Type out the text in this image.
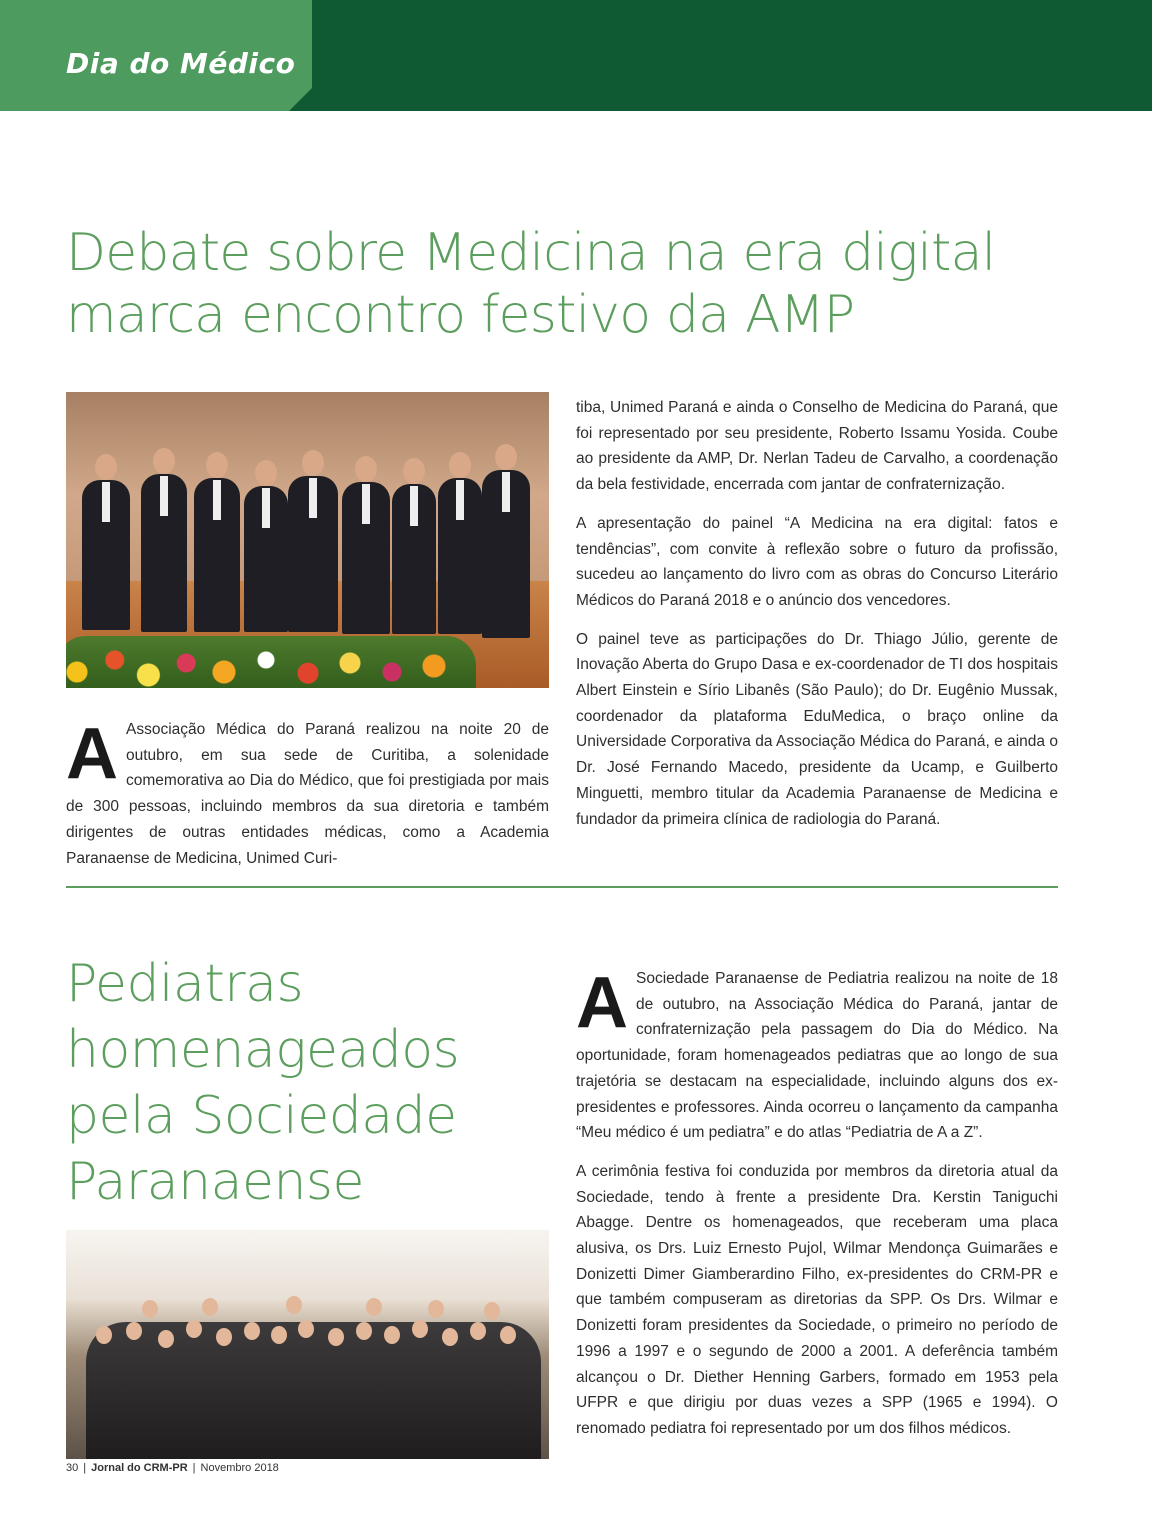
Dia do Médico
Debate sobre Medicina na era digital
marca encontro festivo da AMP

A Associação Médica do Paraná realizou na noite 20 de outubro, em sua sede de Curitiba, a solenidade comemorativa ao Dia do Médico, que foi prestigiada por mais de 300 pessoas, incluindo membros da sua diretoria e também dirigentes de outras entidades médicas, como a Academia Paranaense de Medicina, Unimed Curi-

tiba, Unimed Paraná e ainda o Conselho de Medicina do Paraná, que foi representado por seu presidente, Roberto Issamu Yosida. Coube ao presidente da AMP, Dr. Nerlan Tadeu de Carvalho, a coordenação da bela festividade, encerrada com jantar de confraternização.

A apresentação do painel “A Medicina na era digital: fatos e tendências”, com convite à reflexão sobre o futuro da profissão, sucedeu ao lançamento do livro com as obras do Concurso Literário Médicos do Paraná 2018 e o anúncio dos vencedores.

O painel teve as participações do Dr. Thiago Júlio, gerente de Inovação Aberta do Grupo Dasa e ex-coordenador de TI dos hospitais Albert Einstein e Sírio Libanês (São Paulo); do Dr. Eugênio Mussak, coordenador da plataforma EduMedica, o braço online da Universidade Corporativa da Associação Médica do Paraná, e ainda o Dr. José Fernando Macedo, presidente da Ucamp, e Guilberto Minguetti, membro titular da Academia Paranaense de Medicina e fundador da primeira clínica de radiologia do Paraná.

Pediatras
homenageados
pela Sociedade
Paranaense

A Sociedade Paranaense de Pediatria realizou na noite de 18 de outubro, na Associação Médica do Paraná, jantar de confraternização pela passagem do Dia do Médico. Na oportunidade, foram homenageados pediatras que ao longo de sua trajetória se destacam na especialidade, incluindo alguns dos ex-presidentes e professores. Ainda ocorreu o lançamento da campanha “Meu médico é um pediatra” e do atlas “Pediatria de A a Z”.

A cerimônia festiva foi conduzida por membros da diretoria atual da Sociedade, tendo à frente a presidente Dra. Kerstin Taniguchi Abagge. Dentre os homenageados, que receberam uma placa alusiva, os Drs. Luiz Ernesto Pujol, Wilmar Mendonça Guimarães e Donizetti Dimer Giamberardino Filho, ex-presidentes do CRM-PR e que também compuseram as diretorias da SPP. Os Drs. Wilmar e Donizetti foram presidentes da Sociedade, o primeiro no período de 1996 a 1997 e o segundo de 2000 a 2001. A deferência também alcançou o Dr. Diether Henning Garbers, formado em 1953 pela UFPR e que dirigiu por duas vezes a SPP (1965 e 1994). O renomado pediatra foi representado por um dos filhos médicos.

30 | Jornal do CRM-PR | Novembro 2018
